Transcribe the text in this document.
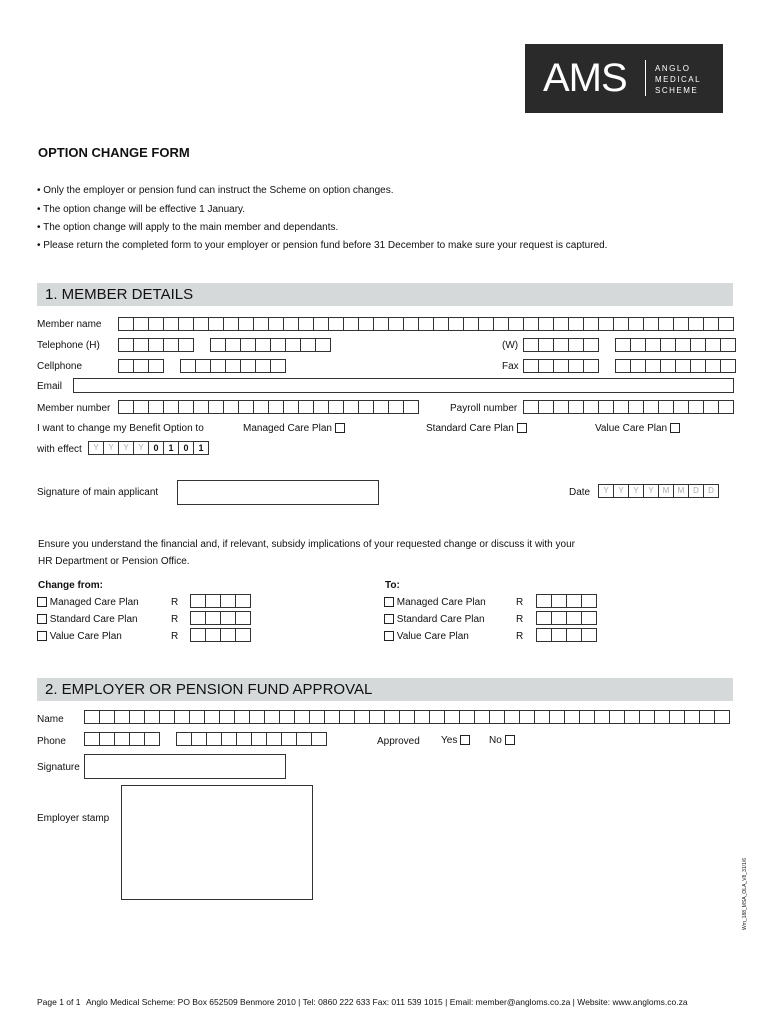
AMS	ANGLO
MEDICAL
SCHEME
OPTION CHANGE FORM
• Only the employer or pension fund can instruct the Scheme on option changes.
• The option change will be effective 1 January.
• The option change will apply to the main member and dependants.
• Please return the completed form to your employer or pension fund before 31 December to make sure your request is captured.
1. MEMBER DETAILS
Member name
Telephone (H)	(W)
Cellphone	Fax
Email
Member number	Payroll number
I want to change my Benefit Option to	Managed Care Plan	Standard Care Plan	Value Care Plan
with effect	Y	Y	Y	Y	0	1	0	1
Signature of main applicant	Date	Y	Y	Y	Y	M	M	D	D
Ensure you understand the financial and, if relevant, subsidy implications of your requested change or discuss it with your
HR Department or Pension Office.
Change from:	To:
Managed Care Plan	R	Managed Care Plan	R
Standard Care Plan	R	Standard Care Plan	R
Value Care Plan	R	Value Care Plan	R
2. EMPLOYER OR PENSION FUND APPROVAL
Name
Phone	Approved Yes	No
Signature
Employer stamp
Wm_188_MSA_OLA_V8_31/1/6
Page 1 of 1 Anglo Medical Scheme: PO Box 652509 Benmore 2010 | Tel: 0860 222 633 Fax: 011 539 1015 | Email: member@angloms.co.za | Website: www.angloms.co.za
